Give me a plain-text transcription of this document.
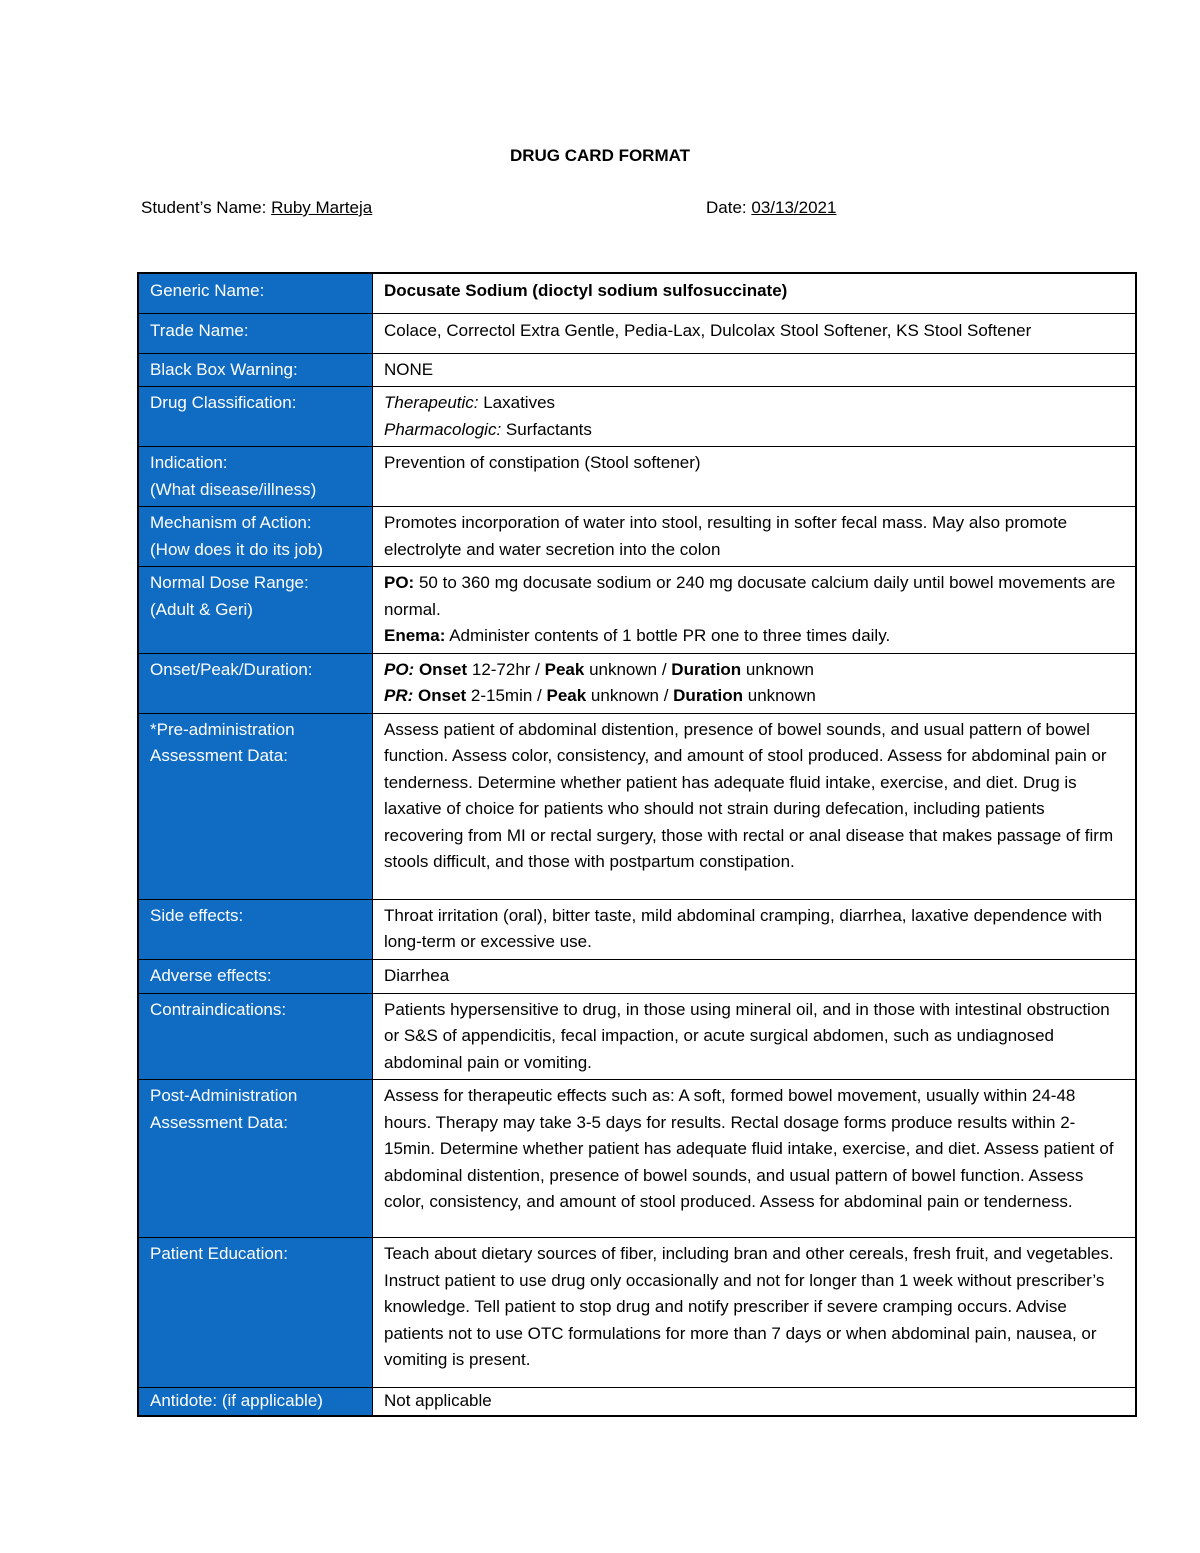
DRUG CARD FORMAT
Student’s Name: Ruby Marteja	Date: 03/13/2021
Generic Name:	Docusate Sodium (dioctyl sodium sulfosuccinate)
Trade Name:	Colace, Correctol Extra Gentle, Pedia-Lax, Dulcolax Stool Softener, KS Stool Softener
Black Box Warning:	NONE
Drug Classification:	Therapeutic: Laxatives
Pharmacologic: Surfactants

Indication:
(What disease/illness)	Prevention of constipation (Stool softener)

Mechanism of Action:
(How does it do its job)	Promotes incorporation of water into stool, resulting in softer fecal mass. May also promote electrolyte and water secretion into the colon

Normal Dose Range:
(Adult & Geri)	PO: 50 to 360 mg docusate sodium or 240 mg docusate calcium daily until bowel movements are normal.
Enema: Administer contents of 1 bottle PR one to three times daily.

Onset/Peak/Duration:	PO: Onset 12-72hr / Peak unknown / Duration unknown
PR: Onset 2-15min / Peak unknown / Duration unknown

*Pre-administration
Assessment Data:	Assess patient of abdominal distention, presence of bowel sounds, and usual pattern of bowel function. Assess color, consistency, and amount of stool produced. Assess for abdominal pain or tenderness. Determine whether patient has adequate fluid intake, exercise, and diet. Drug is laxative of choice for patients who should not strain during defecation, including patients recovering from MI or rectal surgery, those with rectal or anal disease that makes passage of firm stools difficult, and those with postpartum constipation.
Side effects:	Throat irritation (oral), bitter taste, mild abdominal cramping, diarrhea, laxative dependence with long-term or excessive use.
Adverse effects:	Diarrhea
Contraindications:	Patients hypersensitive to drug, in those using mineral oil, and in those with intestinal obstruction or S&S of appendicitis, fecal impaction, or acute surgical abdomen, such as undiagnosed abdominal pain or vomiting.

Post-Administration
Assessment Data:	Assess for therapeutic effects such as: A soft, formed bowel movement, usually within 24-48 hours. Therapy may take 3-5 days for results. Rectal dosage forms produce results within 2-15min. Determine whether patient has adequate fluid intake, exercise, and diet. Assess patient of abdominal distention, presence of bowel sounds, and usual pattern of bowel function. Assess color, consistency, and amount of stool produced. Assess for abdominal pain or tenderness.
Patient Education:	Teach about dietary sources of fiber, including bran and other cereals, fresh fruit, and vegetables. Instruct patient to use drug only occasionally and not for longer than 1 week without prescriber’s knowledge. Tell patient to stop drug and notify prescriber if severe cramping occurs. Advise patients not to use OTC formulations for more than 7 days or when abdominal pain, nausea, or vomiting is present.
Antidote: (if applicable)	Not applicable
